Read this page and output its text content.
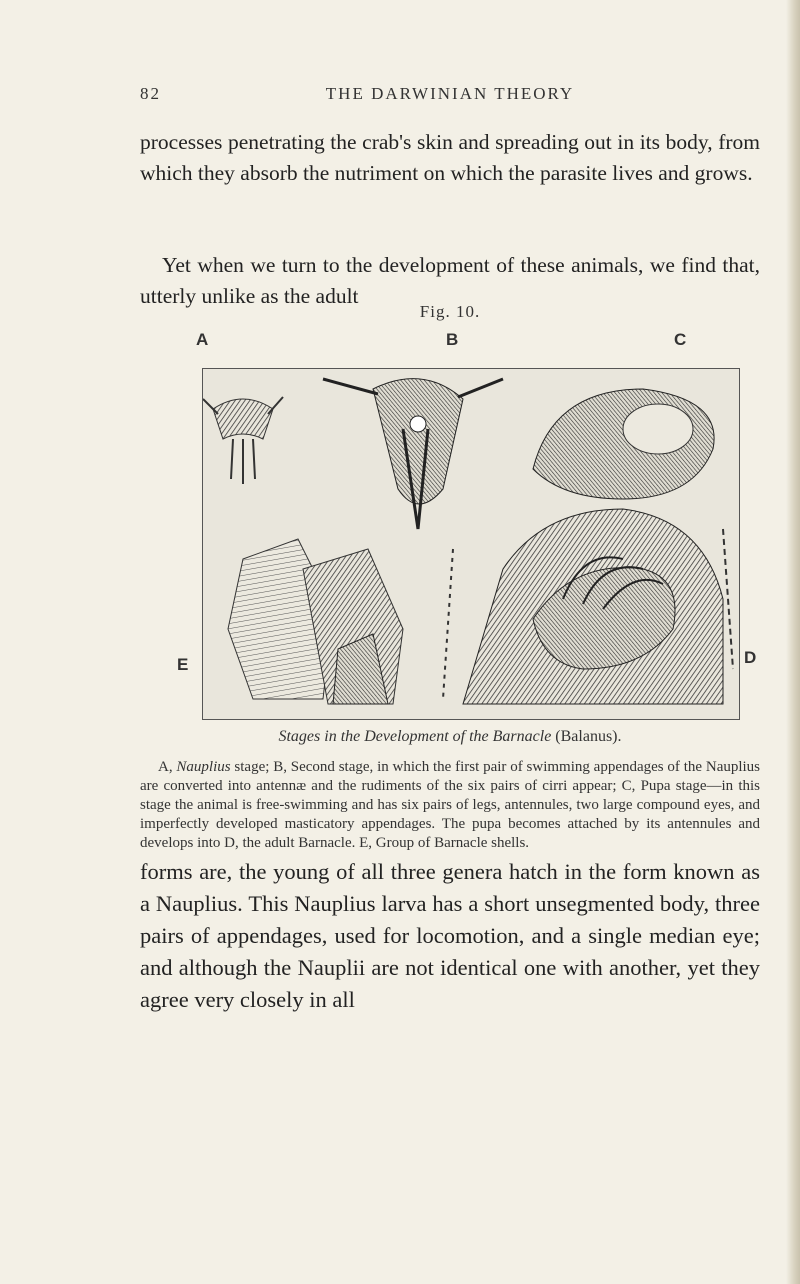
82	THE DARWINIAN THEORY

processes penetrating the crab's skin and spreading out in its body, from which they absorb the nutriment on which the parasite lives and grows.

Yet when we turn to the development of these animals, we find that, utterly unlike as the adult

Fig. 10.
A	B	C
E	D
Stages in the Development of the Barnacle (Balanus).

A, Nauplius stage; B, Second stage, in which the first pair of swimming appendages of the Nauplius are converted into antennæ and the rudiments of the six pairs of cirri appear; C, Pupa stage—in this stage the animal is free-swimming and has six pairs of legs, antennules, two large compound eyes, and imperfectly developed masticatory appendages. The pupa becomes attached by its antennules and develops into D, the adult Barnacle. E, Group of Barnacle shells.

forms are, the young of all three genera hatch in the form known as a Nauplius. This Nauplius larva has a short unsegmented body, three pairs of appendages, used for locomotion, and a single median eye; and although the Nauplii are not identical one with another, yet they agree very closely in all
